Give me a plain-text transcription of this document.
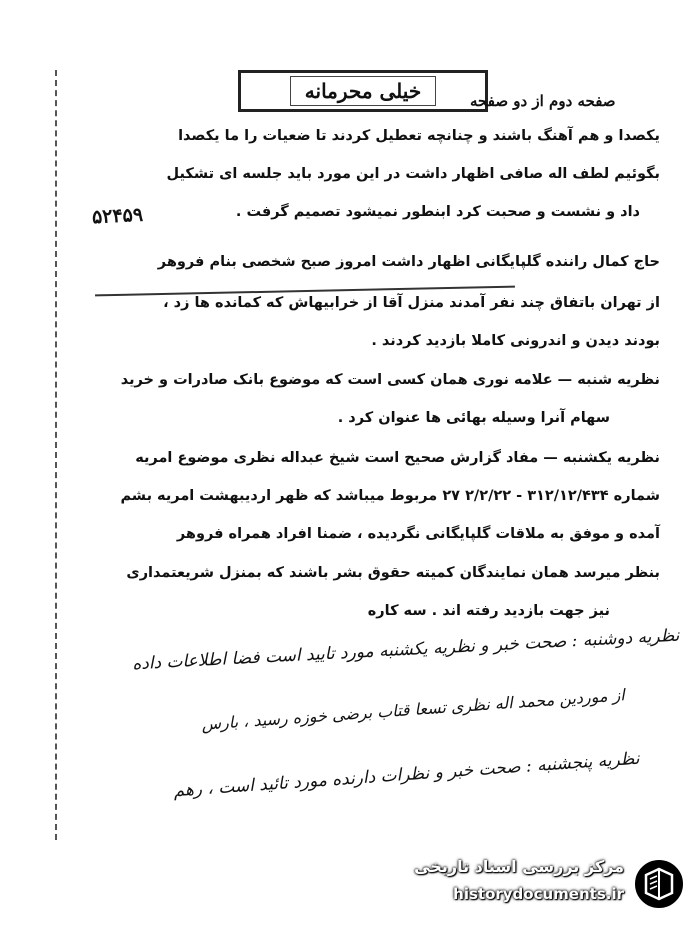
خیلی محرمانه	صفحه دوم از دو صفحه
۵۲۴۵۹
یکصدا و هم آهنگ باشند و چنانچه تعطیل کردند تا ضعیات را ما یکصدا
بگوئیم لطف اله صافی اظهار داشت در این مورد باید جلسه ای تشکیل
داد و نشست و صحبت کرد ابنطور نمیشود تصمیم گرفت .
حاج کمال راننده گلپایگانی اظهار داشت امروز صبح شخصی بنام فروهر
از تهران باتفاق چند نفر آمدند منزل آقا از خرابیهاش که کمانده ها زد ،
بودند دیدن و اندرونی کاملا بازدید کردند .
نظریه شنبه — علامه نوری همان کسی است که موضوع بانک صادرات و خرید
سهام آنرا وسیله بهائی ها عنوان کرد .
نظریه یکشنبه — مفاد گزارش صحیح است شیخ عبداله نظری موضوع امریه
شماره ۳۱۲/۱۲/۴۳۴ - ۲/۲/۲۲ ۲۷ مربوط میباشد که ظهر اردیبهشت امریه بشم
آمده و موفق به ملاقات گلپایگانی نگردیده ، ضمنا افراد همراه فروهر
بنظر میرسد همان نمایندگان کمیته حقوق بشر باشند که بمنزل شریعتمداری
نیز جهت بازدید رفته اند . سه کاره
نظریه دوشنبه : صحت خبر و نظریه یکشنبه مورد تایید است فضا اطلاعات داده
از موردین محمد اله نظری تسعا قتاب برضی خوزه رسید ، بارس
نظریه پنجشنبه : صحت خبر و نظرات دارنده مورد تائید است ، رهم
مرکز بررسی اسناد تاریخی
historydocuments.ir
